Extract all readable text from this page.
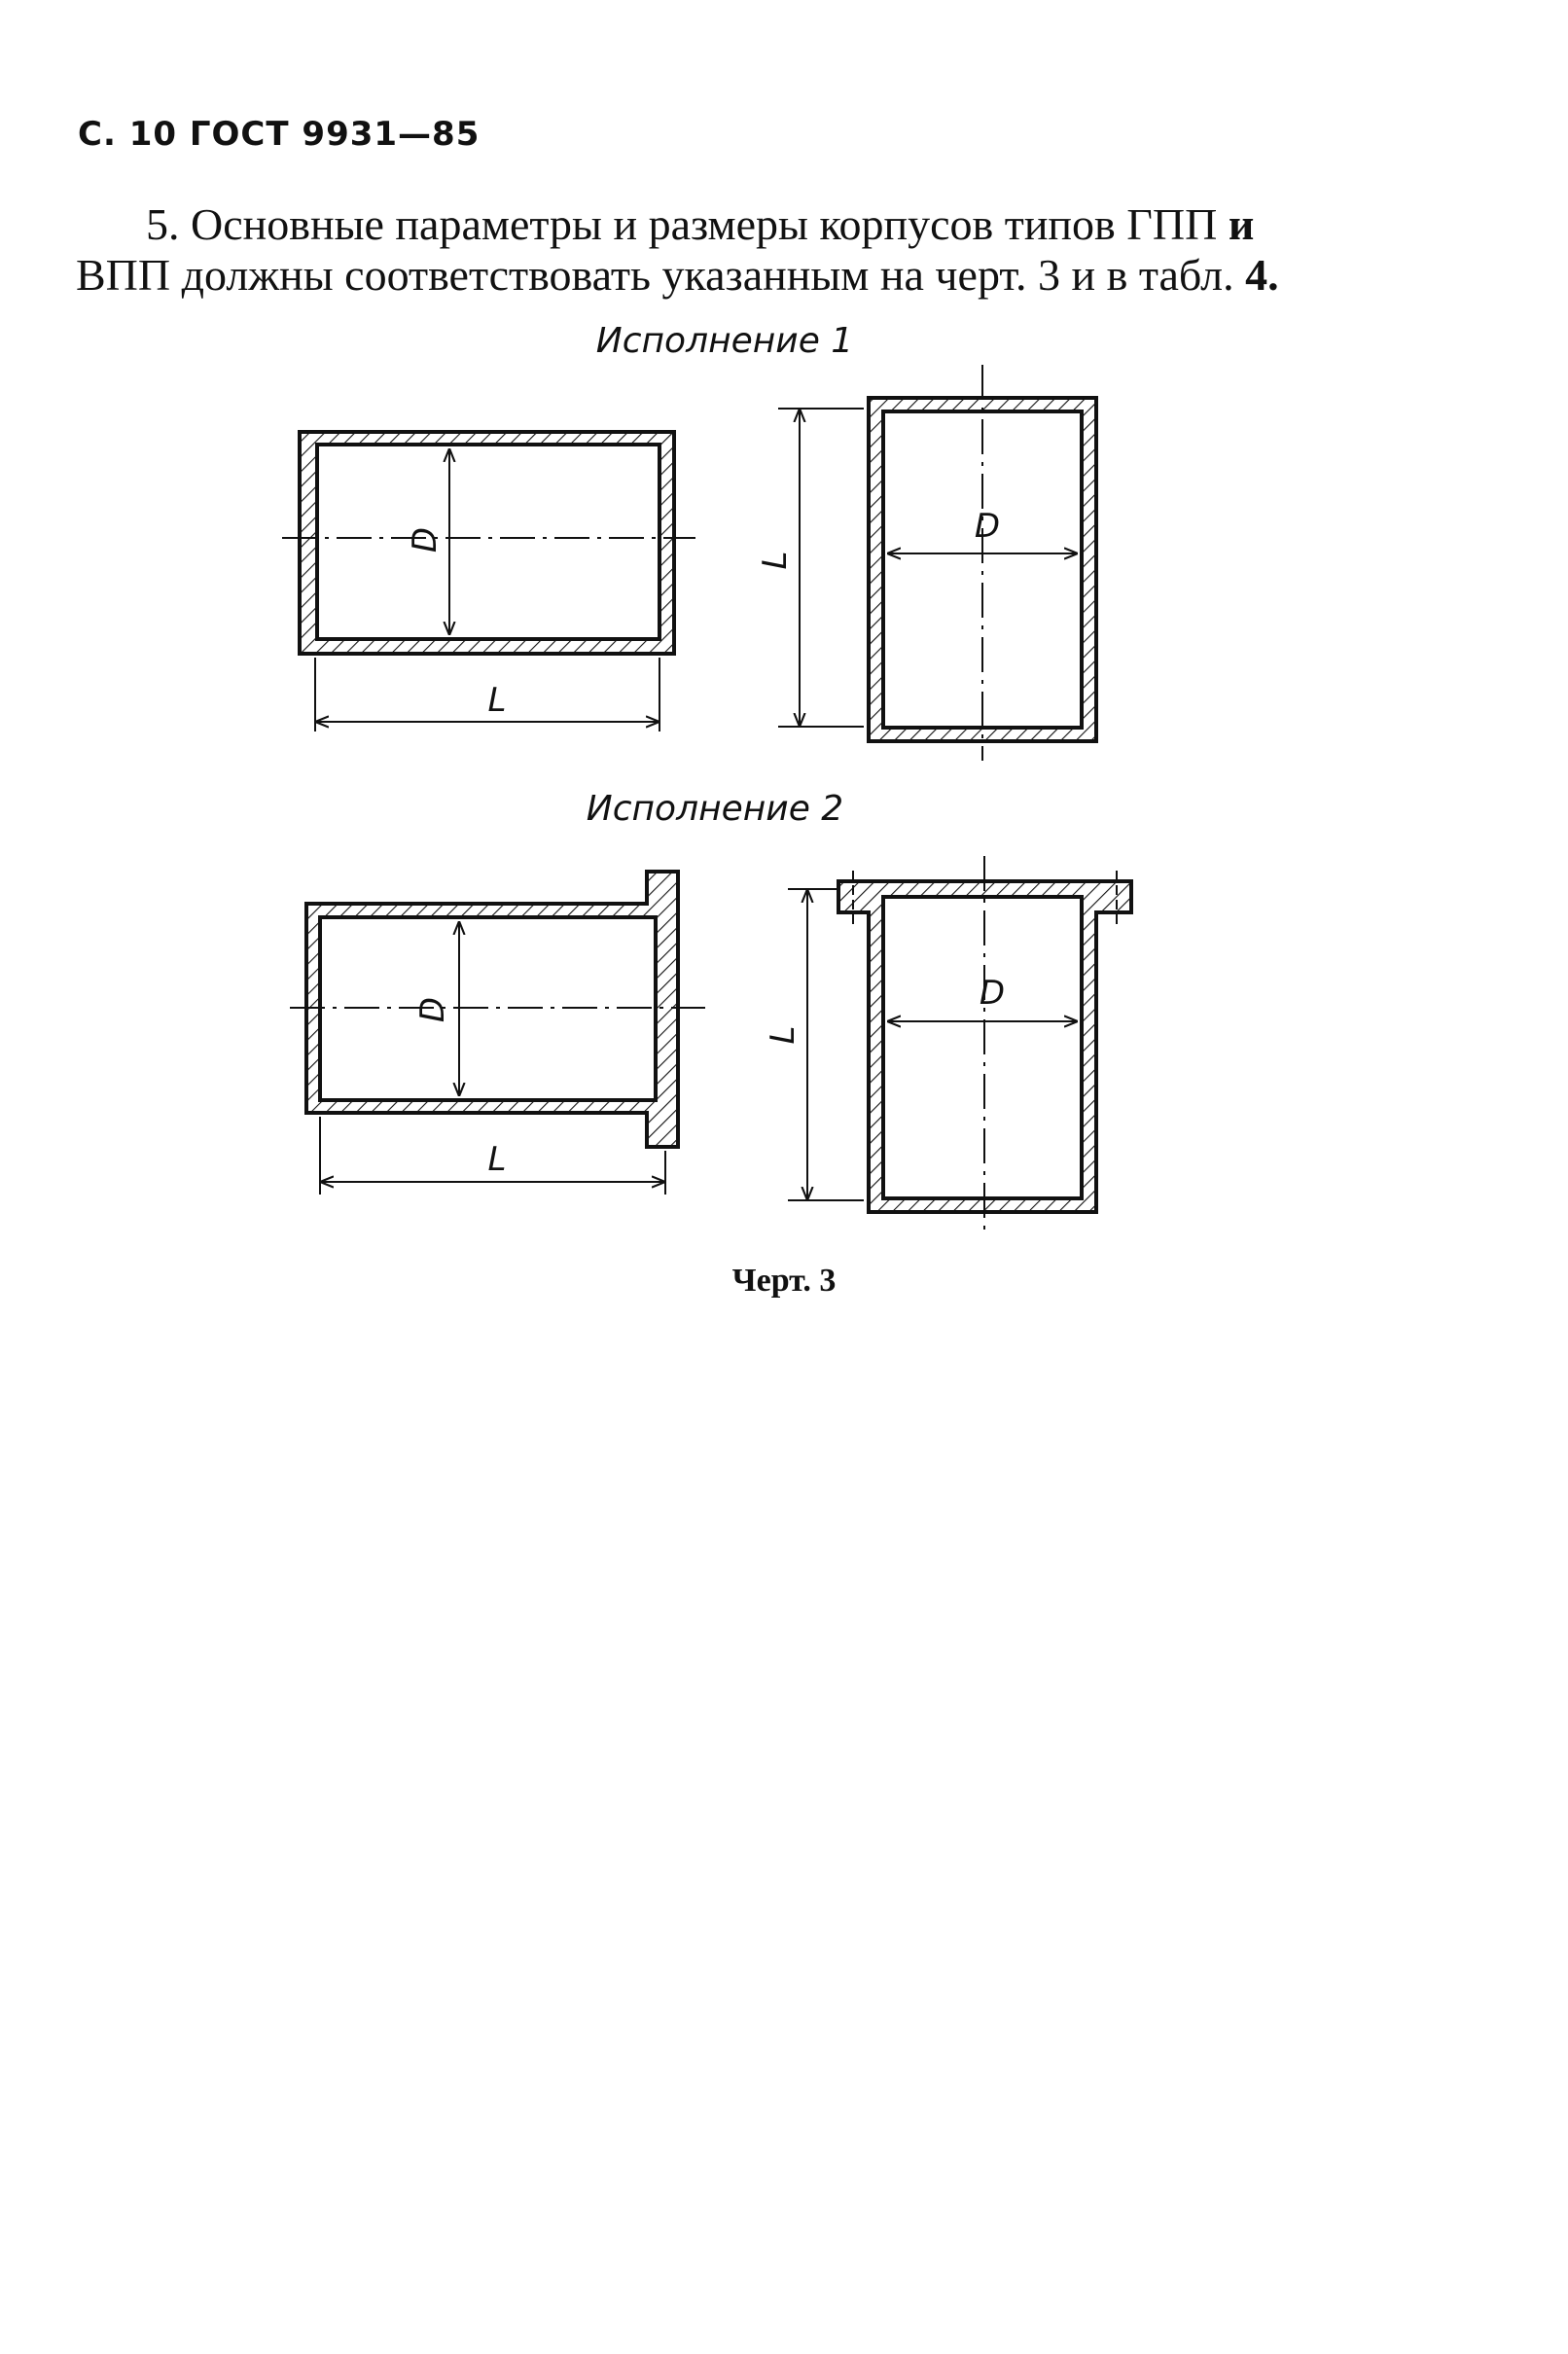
С. 10 ГОСТ 9931—85
5. Основные параметры и размеры корпусов типов ГПП и
ВПП должны соответствовать указанным на черт. 3 и в табл. 4.
Исполнение 1
D
L
D
L
Исполнение 2
D
L
D
L
Черт. 3
